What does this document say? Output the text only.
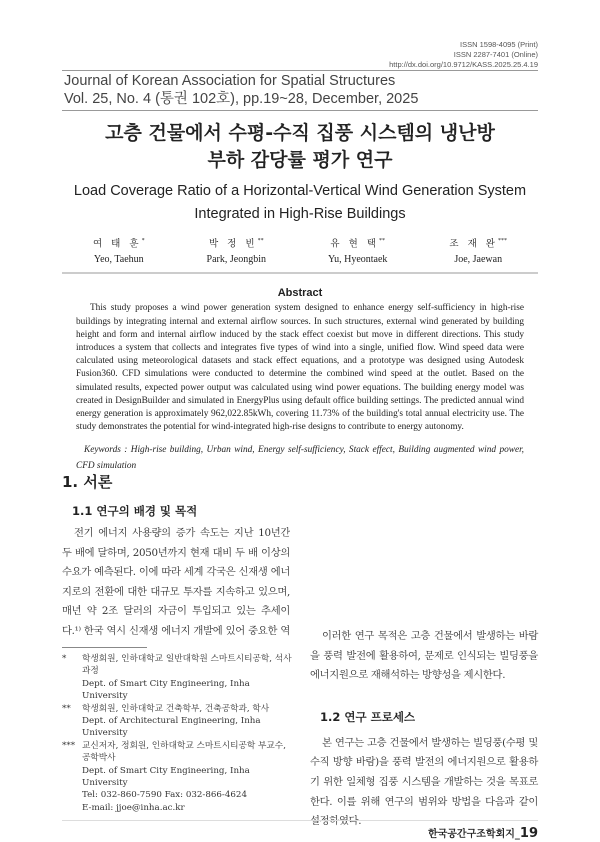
ISSN 1598-4095 (Print)
ISSN 2287-7401 (Online)
http://dx.doi.org/10.9712/KASS.2025.25.4.19
Journal of Korean Association for Spatial Structures
Vol. 25, No. 4 (통권 102호), pp.19~28, December, 2025
고층 건물에서 수평-수직 집풍 시스템의 냉난방
부하 감당률 평가 연구
Load Coverage Ratio of a Horizontal-Vertical Wind Generation System
Integrated in High-Rise Buildings
여 태 훈*
Yeo, Taehun
박 정 빈**
Park, Jeongbin
유 현 택**
Yu, Hyeontaek
조 재 완***
Joe, Jaewan
Abstract
This study proposes a wind power generation system designed to enhance energy self-sufficiency in high-rise buildings by integrating internal and external airflow sources. In such structures, external wind generated by building height and form and internal airflow induced by the stack effect coexist but move in different directions. This study introduces a system that collects and integrates five types of wind into a single, unified flow. Wind speed data were calculated using meteorological datasets and stack effect equations, and a prototype was designed using Autodesk Fusion360. CFD simulations were conducted to determine the combined wind speed at the outlet. Based on the simulated results, expected power output was calculated using wind power equations. The building energy model was created in DesignBuilder and simulated in EnergyPlus using default office building settings. The predicted annual wind energy generation is approximately 962,022.85kWh, covering 11.73% of the building's total annual electricity use. The study demonstrates the potential for wind-integrated high-rise designs to contribute to energy autonomy.
Keywords : High-rise building, Urban wind, Energy self-sufficiency, Stack effect, Building augmented wind power, CFD simulation
1. 서론
1.1 연구의 배경 및 목적

전기 에너지 사용량의 증가 속도는 지난 10년간 두 배에 달하며, 2050년까지 현재 대비 두 배 이상의 수요가 예측된다. 이에 따라 세계 각국은 신재생 에너지로의 전환에 대한 대규모 투자를 지속하고 있으며, 매년 약 2조 달러의 자금이 투입되고 있는 추세이다.¹⁾ 한국 역시 신재생 에너지 개발에 있어 중요한 역	이러한 연구 목적은 고층 건물에서 발생하는 바람을 풍력 발전에 활용하여, 문제로 인식되는 빌딩풍을 에너지원으로 재해석하는 방향성을 제시한다.

1.2 연구 프로세스

본 연구는 고층 건물에서 발생하는 빌딩풍(수평 및 수직 방향 바람)을 풍력 발전의 에너지원으로 활용하기 위한 일체형 집풍 시스템을 개발하는 것을 목표로 한다. 이를 위해 연구의 범위와 방법을 다음과 같이

*	학생회원, 인하대학교 일반대학원 스마트시티공학, 석사과정
Dept. of Smart City Engineering, Inha University
**	학생회원, 인하대학교 건축학부, 건축공학과, 학사
Dept. of Architectural Engineering, Inha University
*** 교신저자, 정회원, 인하대학교 스마트시티공학 부교수, 공학박사
Dept. of Smart City Engineering, Inha University
Tel: 032-860-7590 Fax: 032-866-4624
E-mail: jjoe@inha.ac.kr
한국공간구조학회지_19
